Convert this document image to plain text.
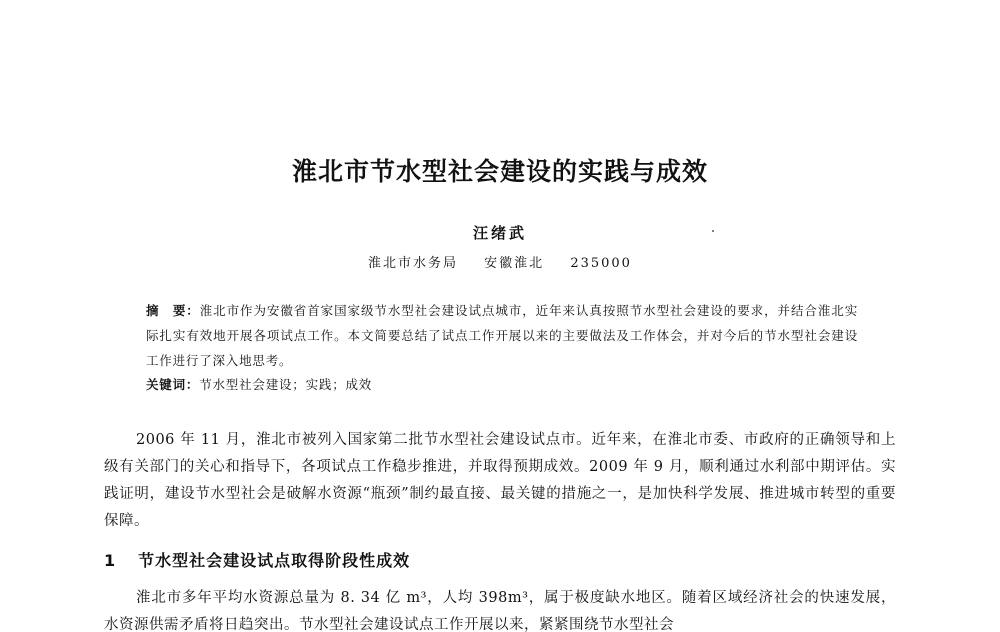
淮北市节水型社会建设的实践与成效
汪绪武
淮北市水务局 安徽淮北 235000
摘　要：淮北市作为安徽省首家国家级节水型社会建设试点城市，近年来认真按照节水型社会建设的要求，并结合淮北实际扎实有效地开展各项试点工作。本文简要总结了试点工作开展以来的主要做法及工作体会，并对今后的节水型社会建设工作进行了深入地思考。
关键词：节水型社会建设；实践；成效
2006 年 11 月，淮北市被列入国家第二批节水型社会建设试点市。近年来，在淮北市委、市政府的正确领导和上级有关部门的关心和指导下，各项试点工作稳步推进，并取得预期成效。2009 年 9 月，顺利通过水利部中期评估。实践证明，建设节水型社会是破解水资源“瓶颈”制约最直接、最关键的措施之一，是加快科学发展、推进城市转型的重要保障。
1 节水型社会建设试点取得阶段性成效
淮北市多年平均水资源总量为 8. 34 亿 m³，人均 398m³，属于极度缺水地区。随着区域经济社会的快速发展，水资源供需矛盾将日趋突出。节水型社会建设试点工作开展以来，紧紧围绕节水型社会
